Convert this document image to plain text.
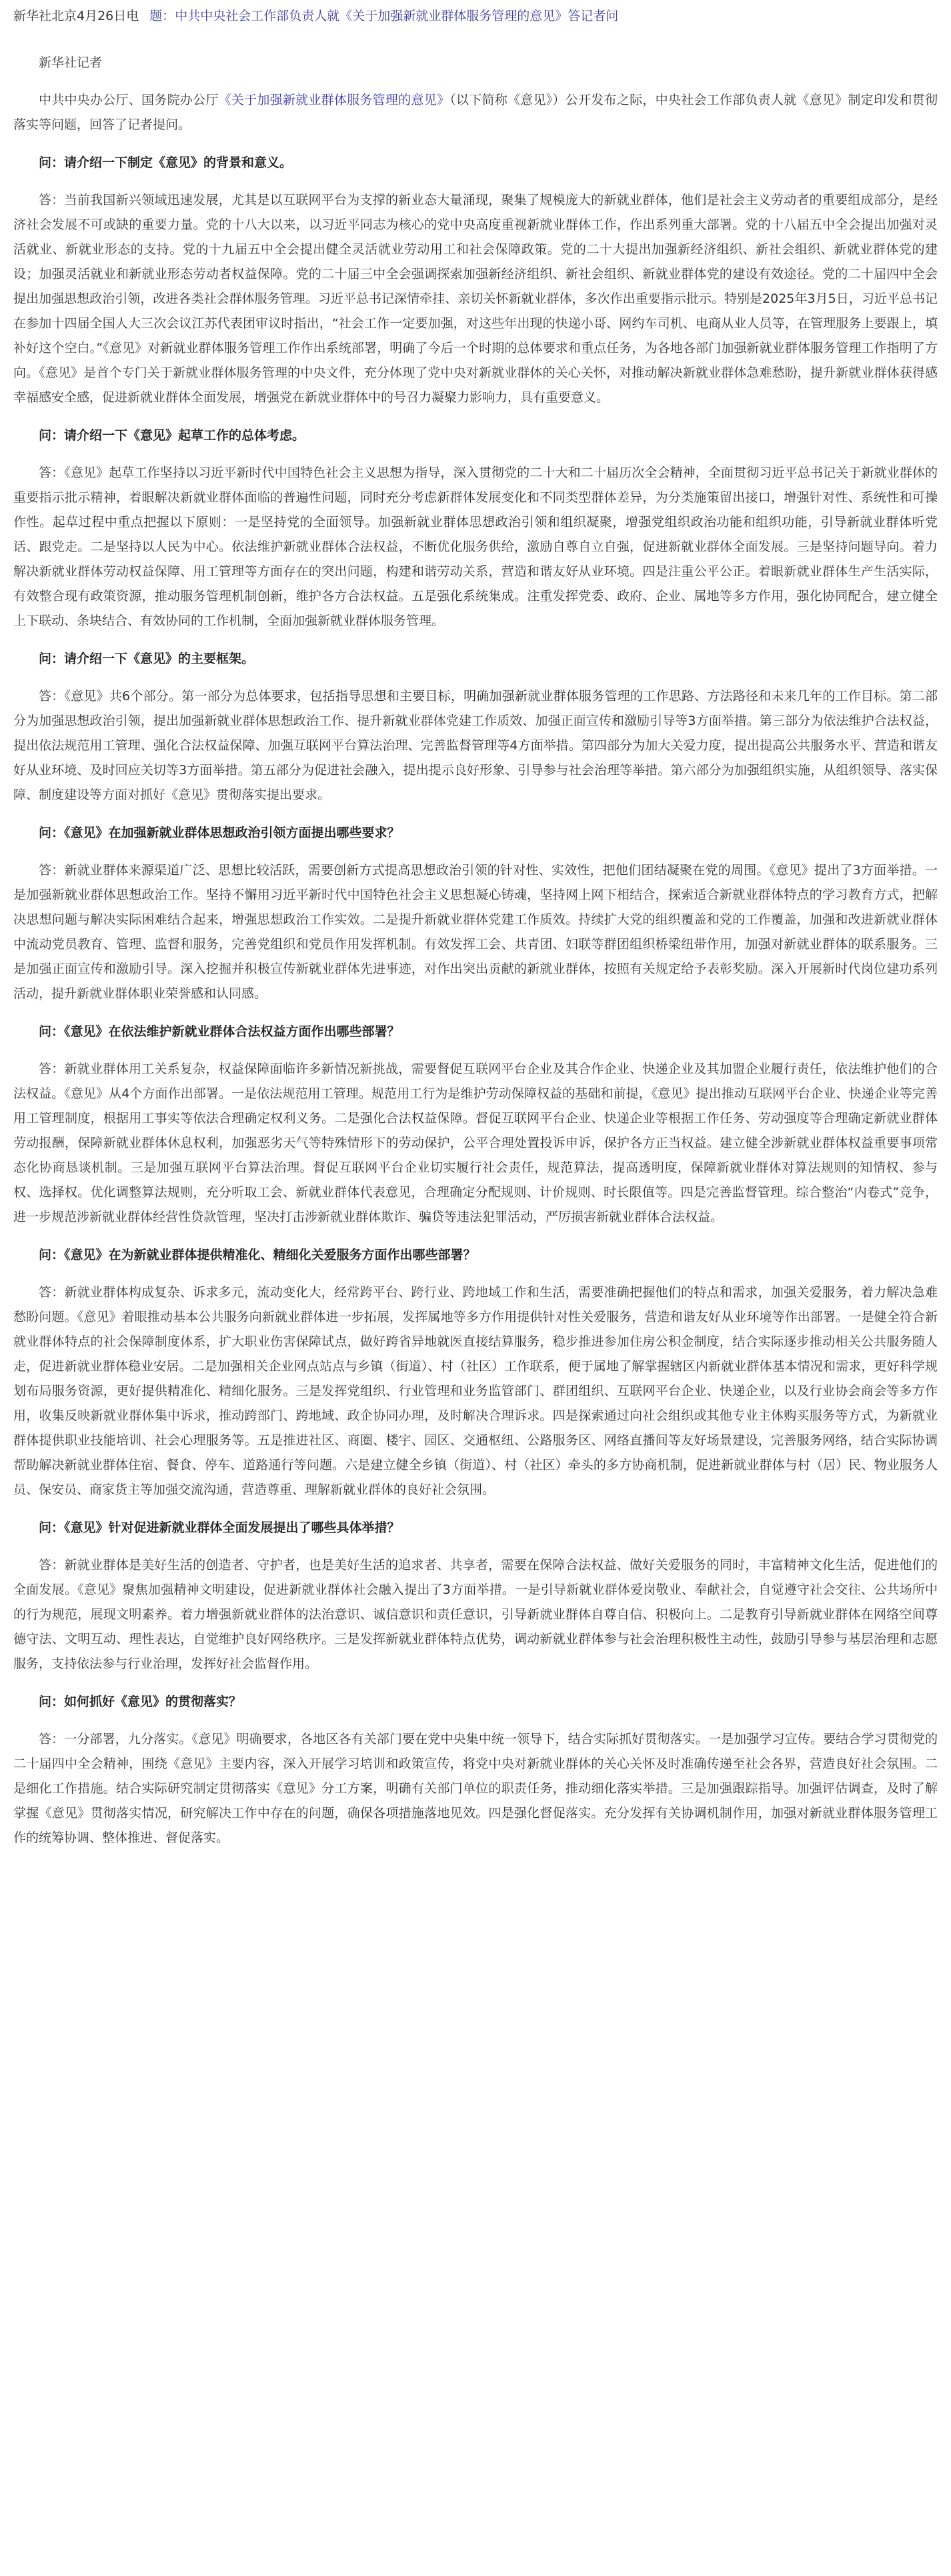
新华社北京4月26日电 题：中共中央社会工作部负责人就《关于加强新就业群体服务管理的意见》答记者问
新华社记者

中共中央办公厅、国务院办公厅《关于加强新就业群体服务管理的意见》（以下简称《意见》）公开发布之际，中央社会工作部负责人就《意见》制定印发和贯彻落实等问题，回答了记者提问。

问：请介绍一下制定《意见》的背景和意义。

答：当前我国新兴领域迅速发展，尤其是以互联网平台为支撑的新业态大量涌现，聚集了规模庞大的新就业群体，他们是社会主义劳动者的重要组成部分，是经济社会发展不可或缺的重要力量。党的十八大以来，以习近平同志为核心的党中央高度重视新就业群体工作，作出系列重大部署。党的十八届五中全会提出加强对灵活就业、新就业形态的支持。党的十九届五中全会提出健全灵活就业劳动用工和社会保障政策。党的二十大提出加强新经济组织、新社会组织、新就业群体党的建设；加强灵活就业和新就业形态劳动者权益保障。党的二十届三中全会强调探索加强新经济组织、新社会组织、新就业群体党的建设有效途径。党的二十届四中全会提出加强思想政治引领，改进各类社会群体服务管理。习近平总书记深情牵挂、亲切关怀新就业群体，多次作出重要指示批示。特别是2025年3月5日，习近平总书记在参加十四届全国人大三次会议江苏代表团审议时指出，“社会工作一定要加强，对这些年出现的快递小哥、网约车司机、电商从业人员等，在管理服务上要跟上，填补好这个空白。”《意见》对新就业群体服务管理工作作出系统部署，明确了今后一个时期的总体要求和重点任务，为各地各部门加强新就业群体服务管理工作指明了方向。《意见》是首个专门关于新就业群体服务管理的中央文件，充分体现了党中央对新就业群体的关心关怀，对推动解决新就业群体急难愁盼，提升新就业群体获得感幸福感安全感，促进新就业群体全面发展，增强党在新就业群体中的号召力凝聚力影响力，具有重要意义。

问：请介绍一下《意见》起草工作的总体考虑。

答：《意见》起草工作坚持以习近平新时代中国特色社会主义思想为指导，深入贯彻党的二十大和二十届历次全会精神，全面贯彻习近平总书记关于新就业群体的重要指示批示精神，着眼解决新就业群体面临的普遍性问题，同时充分考虑新群体发展变化和不同类型群体差异，为分类施策留出接口，增强针对性、系统性和可操作性。起草过程中重点把握以下原则：一是坚持党的全面领导。加强新就业群体思想政治引领和组织凝聚，增强党组织政治功能和组织功能，引导新就业群体听党话、跟党走。二是坚持以人民为中心。依法维护新就业群体合法权益，不断优化服务供给，激励自尊自立自强，促进新就业群体全面发展。三是坚持问题导向。着力解决新就业群体劳动权益保障、用工管理等方面存在的突出问题，构建和谐劳动关系，营造和谐友好从业环境。四是注重公平公正。着眼新就业群体生产生活实际，有效整合现有政策资源，推动服务管理机制创新，维护各方合法权益。五是强化系统集成。注重发挥党委、政府、企业、属地等多方作用，强化协同配合，建立健全上下联动、条块结合、有效协同的工作机制，全面加强新就业群体服务管理。

问：请介绍一下《意见》的主要框架。

答：《意见》共6个部分。第一部分为总体要求，包括指导思想和主要目标，明确加强新就业群体服务管理的工作思路、方法路径和未来几年的工作目标。第二部分为加强思想政治引领，提出加强新就业群体思想政治工作、提升新就业群体党建工作质效、加强正面宣传和激励引导等3方面举措。第三部分为依法维护合法权益，提出依法规范用工管理、强化合法权益保障、加强互联网平台算法治理、完善监督管理等4方面举措。第四部分为加大关爱力度，提出提高公共服务水平、营造和谐友好从业环境、及时回应关切等3方面举措。第五部分为促进社会融入，提出提示良好形象、引导参与社会治理等举措。第六部分为加强组织实施，从组织领导、落实保障、制度建设等方面对抓好《意见》贯彻落实提出要求。

问：《意见》在加强新就业群体思想政治引领方面提出哪些要求？

答：新就业群体来源渠道广泛、思想比较活跃，需要创新方式提高思想政治引领的针对性、实效性，把他们团结凝聚在党的周围。《意见》提出了3方面举措。一是加强新就业群体思想政治工作。坚持不懈用习近平新时代中国特色社会主义思想凝心铸魂，坚持网上网下相结合，探索适合新就业群体特点的学习教育方式，把解决思想问题与解决实际困难结合起来，增强思想政治工作实效。二是提升新就业群体党建工作质效。持续扩大党的组织覆盖和党的工作覆盖，加强和改进新就业群体中流动党员教育、管理、监督和服务，完善党组织和党员作用发挥机制。有效发挥工会、共青团、妇联等群团组织桥梁纽带作用，加强对新就业群体的联系服务。三是加强正面宣传和激励引导。深入挖掘并积极宣传新就业群体先进事迹，对作出突出贡献的新就业群体，按照有关规定给予表彰奖励。深入开展新时代岗位建功系列活动，提升新就业群体职业荣誉感和认同感。

问：《意见》在依法维护新就业群体合法权益方面作出哪些部署？

答：新就业群体用工关系复杂，权益保障面临许多新情况新挑战，需要督促互联网平台企业及其合作企业、快递企业及其加盟企业履行责任，依法维护他们的合法权益。《意见》从4个方面作出部署。一是依法规范用工管理。规范用工行为是维护劳动保障权益的基础和前提，《意见》提出推动互联网平台企业、快递企业等完善用工管理制度，根据用工事实等依法合理确定权利义务。二是强化合法权益保障。督促互联网平台企业、快递企业等根据工作任务、劳动强度等合理确定新就业群体劳动报酬，保障新就业群体休息权利，加强恶劣天气等特殊情形下的劳动保护，公平合理处置投诉申诉，保护各方正当权益。建立健全涉新就业群体权益重要事项常态化协商恳谈机制。三是加强互联网平台算法治理。督促互联网平台企业切实履行社会责任，规范算法，提高透明度，保障新就业群体对算法规则的知情权、参与权、选择权。优化调整算法规则，充分听取工会、新就业群体代表意见，合理确定分配规则、计价规则、时长限值等。四是完善监督管理。综合整治“内卷式”竞争，进一步规范涉新就业群体经营性贷款管理，坚决打击涉新就业群体欺诈、骗贷等违法犯罪活动，严厉损害新就业群体合法权益。

问：《意见》在为新就业群体提供精准化、精细化关爱服务方面作出哪些部署？

答：新就业群体构成复杂、诉求多元，流动变化大，经常跨平台、跨行业、跨地域工作和生活，需要准确把握他们的特点和需求，加强关爱服务，着力解决急难愁盼问题。《意见》着眼推动基本公共服务向新就业群体进一步拓展，发挥属地等多方作用提供针对性关爱服务，营造和谐友好从业环境等作出部署。一是健全符合新就业群体特点的社会保障制度体系，扩大职业伤害保障试点，做好跨省异地就医直接结算服务，稳步推进参加住房公积金制度，结合实际逐步推动相关公共服务随人走，促进新就业群体稳业安居。二是加强相关企业网点站点与乡镇（街道）、村（社区）工作联系，便于属地了解掌握辖区内新就业群体基本情况和需求，更好科学规划布局服务资源，更好提供精准化、精细化服务。三是发挥党组织、行业管理和业务监管部门、群团组织、互联网平台企业、快递企业，以及行业协会商会等多方作用，收集反映新就业群体集中诉求，推动跨部门、跨地域、政企协同办理，及时解决合理诉求。四是探索通过向社会组织或其他专业主体购买服务等方式，为新就业群体提供职业技能培训、社会心理服务等。五是推进社区、商圈、楼宇、园区、交通枢纽、公路服务区、网络直播间等友好场景建设，完善服务网络，结合实际协调帮助解决新就业群体住宿、餐食、停车、道路通行等问题。六是建立健全乡镇（街道）、村（社区）牵头的多方协商机制，促进新就业群体与村（居）民、物业服务人员、保安员、商家货主等加强交流沟通，营造尊重、理解新就业群体的良好社会氛围。

问：《意见》针对促进新就业群体全面发展提出了哪些具体举措？

答：新就业群体是美好生活的创造者、守护者，也是美好生活的追求者、共享者，需要在保障合法权益、做好关爱服务的同时，丰富精神文化生活，促进他们的全面发展。《意见》聚焦加强精神文明建设，促进新就业群体社会融入提出了3方面举措。一是引导新就业群体爱岗敬业、奉献社会，自觉遵守社会交往、公共场所中的行为规范，展现文明素养。着力增强新就业群体的法治意识、诚信意识和责任意识，引导新就业群体自尊自信、积极向上。二是教育引导新就业群体在网络空间尊德守法、文明互动、理性表达，自觉维护良好网络秩序。三是发挥新就业群体特点优势，调动新就业群体参与社会治理积极性主动性，鼓励引导参与基层治理和志愿服务，支持依法参与行业治理，发挥好社会监督作用。

问：如何抓好《意见》的贯彻落实？

答：一分部署，九分落实。《意见》明确要求，各地区各有关部门要在党中央集中统一领导下，结合实际抓好贯彻落实。一是加强学习宣传。要结合学习贯彻党的二十届四中全会精神，围绕《意见》主要内容，深入开展学习培训和政策宣传，将党中央对新就业群体的关心关怀及时准确传递至社会各界，营造良好社会氛围。二是细化工作措施。结合实际研究制定贯彻落实《意见》分工方案，明确有关部门单位的职责任务，推动细化落实举措。三是加强跟踪指导。加强评估调查，及时了解掌握《意见》贯彻落实情况，研究解决工作中存在的问题，确保各项措施落地见效。四是强化督促落实。充分发挥有关协调机制作用，加强对新就业群体服务管理工作的统筹协调、整体推进、督促落实。
